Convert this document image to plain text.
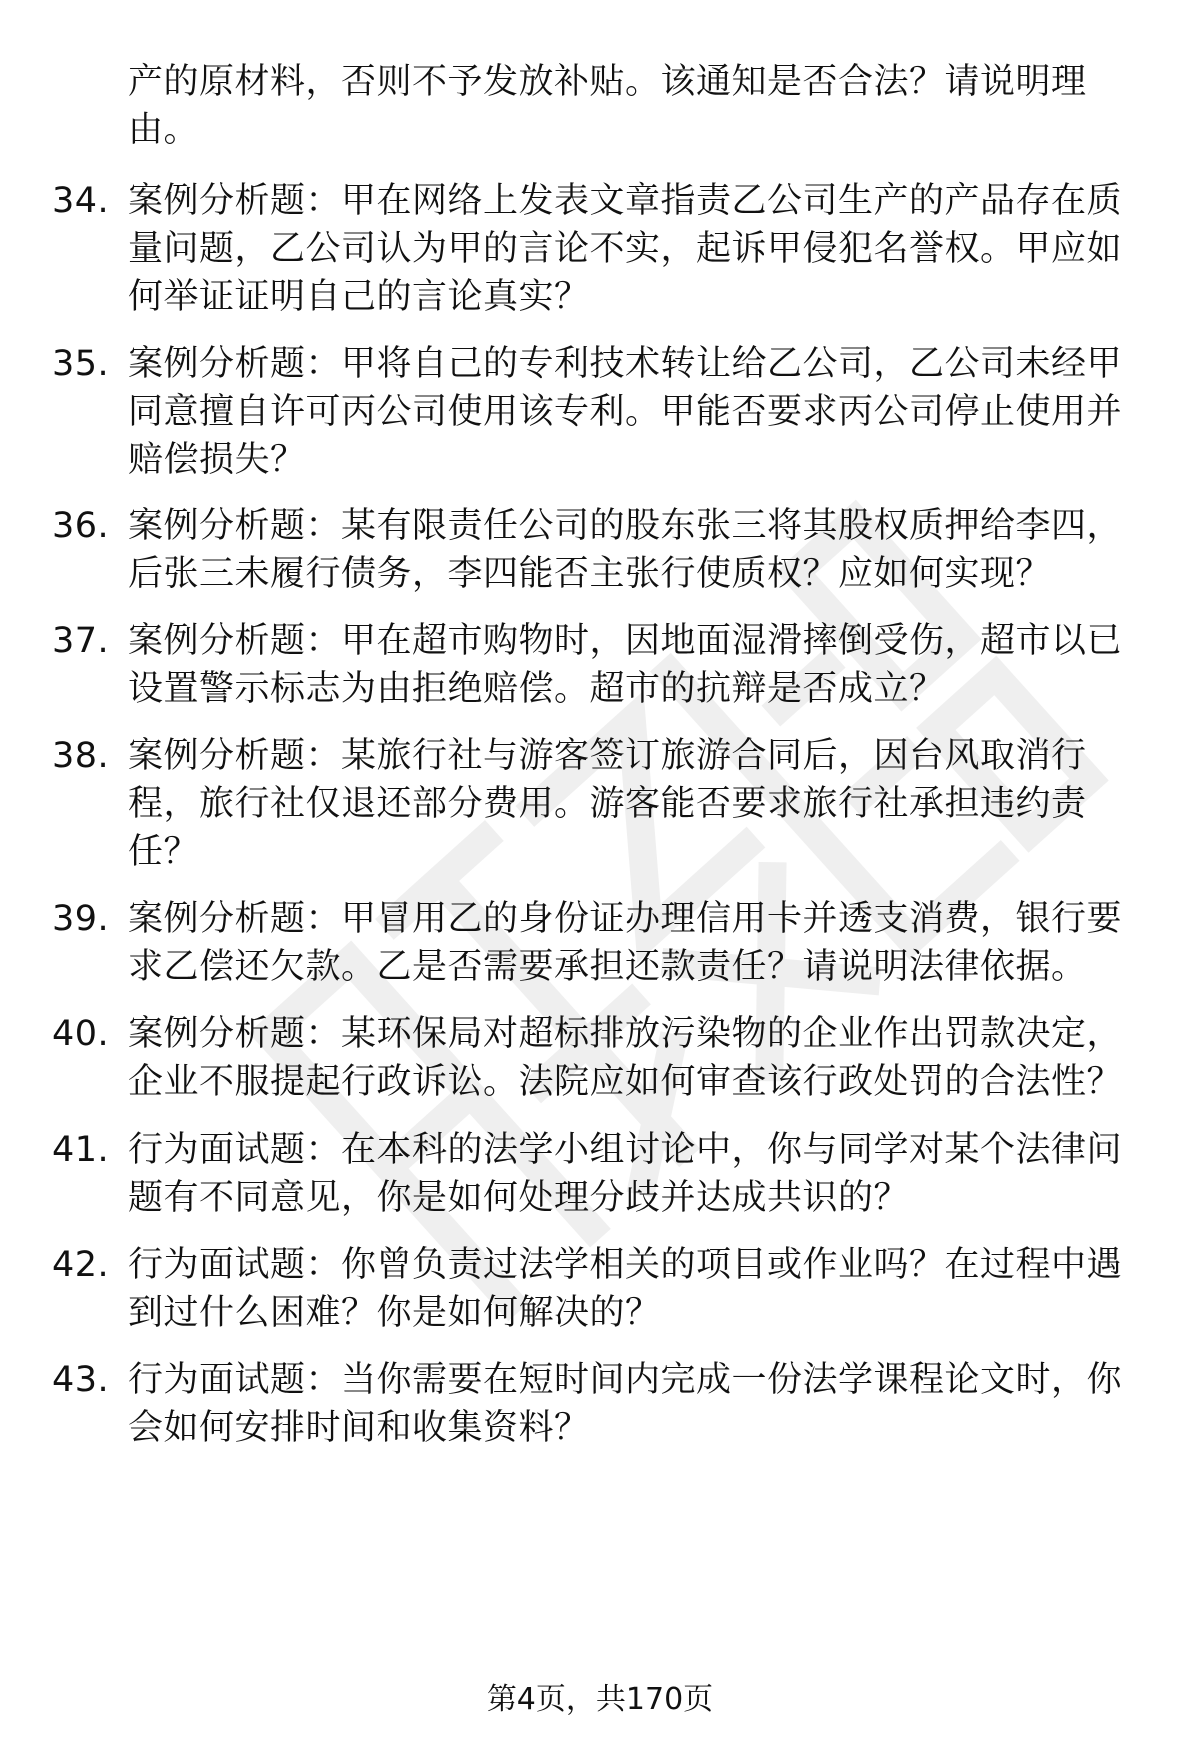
产的原材料，否则不予发放补贴。该通知是否合法？请说明理由。
34. 案例分析题：甲在网络上发表文章指责乙公司生产的产品存在质量问题，乙公司认为甲的言论不实，起诉甲侵犯名誉权。甲应如何举证证明自己的言论真实？
35. 案例分析题：甲将自己的专利技术转让给乙公司，乙公司未经甲同意擅自许可丙公司使用该专利。甲能否要求丙公司停止使用并赔偿损失？
36. 案例分析题：某有限责任公司的股东张三将其股权质押给李四，后张三未履行债务，李四能否主张行使质权？应如何实现？
37. 案例分析题：甲在超市购物时，因地面湿滑摔倒受伤，超市以已设置警示标志为由拒绝赔偿。超市的抗辩是否成立？
38. 案例分析题：某旅行社与游客签订旅游合同后，因台风取消行程，旅行社仅退还部分费用。游客能否要求旅行社承担违约责任？
39. 案例分析题：甲冒用乙的身份证办理信用卡并透支消费，银行要求乙偿还欠款。乙是否需要承担还款责任？请说明法律依据。
40. 案例分析题：某环保局对超标排放污染物的企业作出罚款决定，企业不服提起行政诉讼。法院应如何审查该行政处罚的合法性？
41. 行为面试题：在本科的法学小组讨论中，你与同学对某个法律问题有不同意见，你是如何处理分歧并达成共识的？
42. 行为面试题：你曾负责过法学相关的项目或作业吗？在过程中遇到过什么困难？你是如何解决的？
43. 行为面试题：当你需要在短时间内完成一份法学课程论文时，你会如何安排时间和收集资料？
第4页，共170页
